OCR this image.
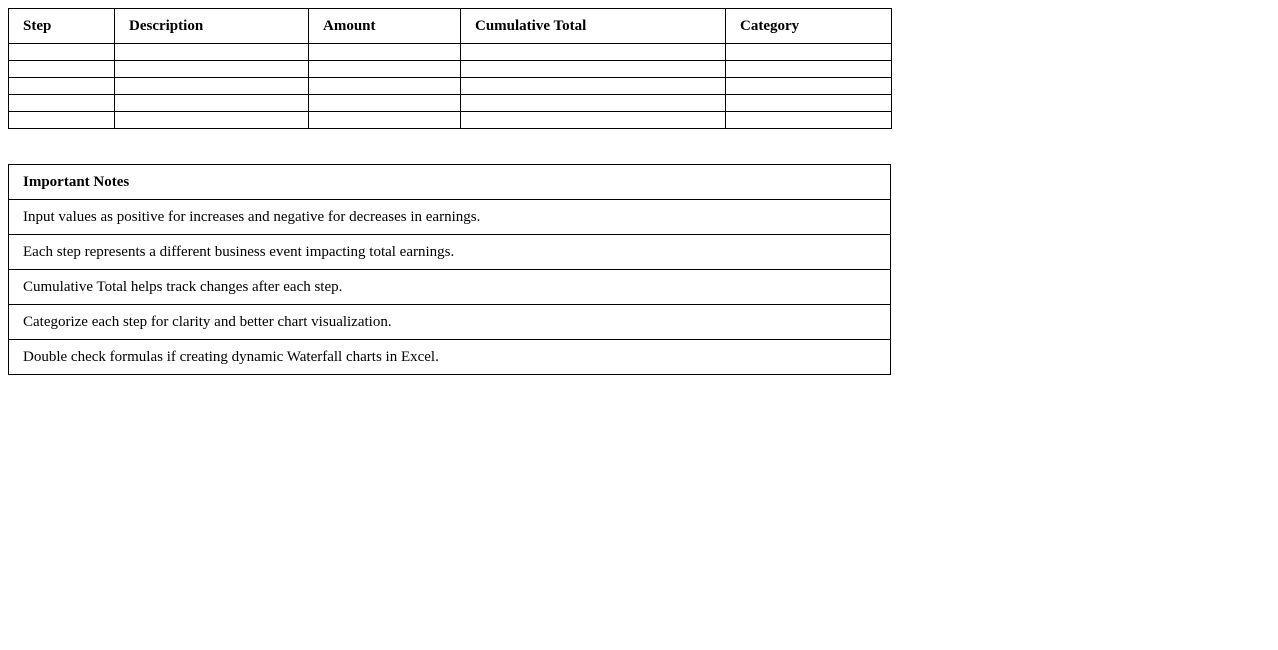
Step	Description	Amount	Cumulative Total	Category

Important Notes
Input values as positive for increases and negative for decreases in earnings.
Each step represents a different business event impacting total earnings.
Cumulative Total helps track changes after each step.
Categorize each step for clarity and better chart visualization.
Double check formulas if creating dynamic Waterfall charts in Excel.
